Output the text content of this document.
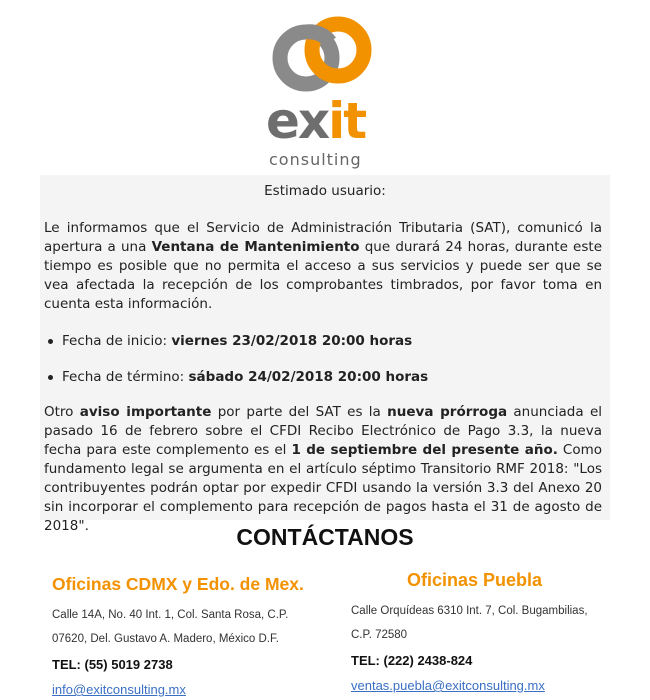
exit
consulting
Estimado usuario:

Le informamos que el Servicio de Administración Tributaria (SAT), comunicó la apertura a una Ventana de Mantenimiento que durará 24 horas, durante este tiempo es posible que no permita el acceso a sus servicios y puede ser que se vea afectada la recepción de los comprobantes timbrados, por favor toma en cuenta esta información.

Fecha de inicio: viernes 23/02/2018 20:00 horas
Fecha de término: sábado 24/02/2018 20:00 horas

Otro aviso importante por parte del SAT es la nueva prórroga anunciada el pasado 16 de febrero sobre el CFDI Recibo Electrónico de Pago 3.3, la nueva fecha para este complemento es el 1 de septiembre del presente año. Como fundamento legal se argumenta en el artículo séptimo Transitorio RMF 2018: "Los contribuyentes podrán optar por expedir CFDI usando la versión 3.3 del Anexo 20 sin incorporar el complemento para recepción de pagos hasta el 31 de agosto de 2018".	CONTÁCTANOS
Oficinas CDMX y Edo. de Mex.
Calle 14A, No. 40 Int. 1, Col. Santa Rosa, C.P.
07620, Del. Gustavo A. Madero, México D.F.
TEL: (55) 5019 2738
info@exitconsulting.mx
Oficinas Puebla
Calle Orquídeas 6310 Int. 7, Col. Bugambilias,
C.P. 72580
TEL: (222) 2438-824
ventas.puebla@exitconsulting.mx
